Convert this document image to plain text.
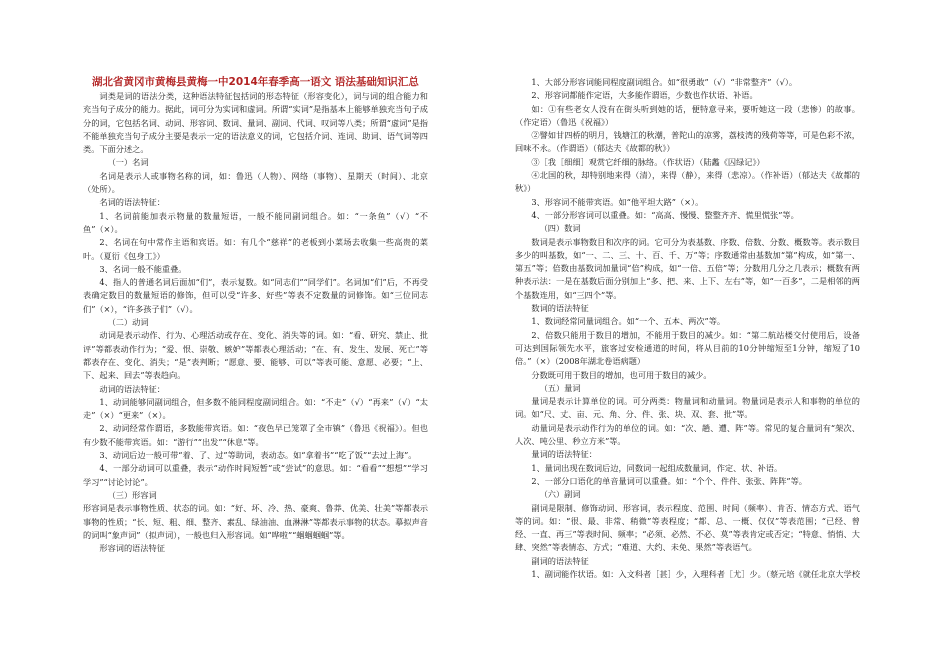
湖北省黄冈市黄梅县黄梅一中2014年春季高一语文 语法基础知识汇总

词类是词的语法分类，这种语法特征包括词的形态特征（形容变化），词与词的组合能力和充当句子成分的能力。据此，词可分为实词和虚词。所谓“实词”是指基本上能够单独充当句子成分的词，它包括名词、动词、形容词、数词、量词、副词、代词、叹词等八类；所谓“虚词”是指不能单独充当句子成分主要是表示一定的语法意义的词，它包括介词、连词、助词、语气词等四类。下面分述之。

（一）名词

名词是表示人或事物名称的词，如：鲁迅（人物）、网络（事物）、星期天（时间）、北京（处所）。

名词的语法特征：

1、名词前能加表示物量的数量短语，一般不能同副词组合。如：“一条鱼”（√）“不鱼”（×）。

2、名词在句中常作主语和宾语。如：有几个“慈祥”的老板到小菜场去收集一些高贵的菜叶。（夏衍《包身工》）

3、名词一般不能重叠。

4、指人的普通名词后面加“们”，表示复数。如“同志们”“同学们”。名词加“们”后，不再受表确定数目的数量短语的修饰，但可以受“许多、好些”等表不定数量的词修饰。如“三位同志们”（×），“许多孩子们”（√）。

（二）动词

动词是表示动作、行为、心理活动或存在、变化、消失等的词。如：“看、研究、禁止、批评”等都表动作行为；“爱、恨、崇敬、嫉妒”等都表心理活动；“在、有、发生、发展、死亡”等都表存在、变化、消失；“是”表判断；“愿意、要、能够、可以”等表可能、意愿、必要；“上、下、起来、回去”等表趋向。

动词的语法特征：

1、动词能够同副词组合，但多数不能同程度副词组合。如：“不走”（√）“再来”（√）“太走”（×）“更来”（×）。

2、动词经常作谓语，多数能带宾语。如：“夜色早已笼罩了全市镇”（鲁迅《祝福》）。但也有少数不能带宾语。如：“游行”“出发”“休息”等。

3、动词后边一般可带“着、了、过”等助词，表动态。如“拿着书”“吃了饭”“去过上海”。

4、一部分动词可以重叠，表示“动作时间短暂”或“尝试”的意思。如：“看看”“想想”“学习学习”“讨论讨论”。

（三）形容词

形容词是表示事物性质、状态的词。如：“好、坏、冷、热、豪爽、鲁莽、优美、壮美”等都表示事物的性质；“长、短、粗、细、整齐、素乱、绿油油、血淋淋”等都表示事物的状态。摹拟声音的词叫“象声词”（拟声词），一般也归入形容词。如“哗啦”“蝈蝈蝈蝈”等。

形容词的语法特征

1、大部分形容词能同程度副词组合。如“很勇敢”（√）“非常整齐”（√）。

2、形容词都能作定语，大多能作谓语，少数也作状语、补语。

如：①有些老女人没有在街头听到她的话，便特意寻来，要听她这一段（悲惨）的故事。（作定语）（鲁迅《祝福》）

②譬如甘四桥的明月，钱塘江的秋潮，普陀山的凉雾，荔枝湾的残荷等等，可是色彩不浓，回味不永。（作谓语）（郁达夫《故都的秋》）

③［我［细细］观赏它纤细的脉络。（作状语）（陆蠡《囚绿记》）

④北国的秋，却特别地来得（清），来得（静），来得（悲凉）。（作补语）（郁达夫《故都的秋》）

3、形容词不能带宾语。如“他平坦大路”（×）。

4、一部分形容词可以重叠。如：“高高、慢慢、整整齐齐、慌里慌张”等。

（四）数词

数词是表示事物数目和次序的词。它可分为表基数、序数、倍数、分数、概数等。表示数目多少的叫基数，如“一、二、三、十、百、千、万”等；序数通常由基数加“第”构成，如“第一、第五”等；倍数由基数词加量词“倍”构成，如“一倍、五倍”等；分数用几分之几表示；概数有两种表示法：一是在基数后面分别加上“多、把、来、上下、左右”等，如“一百多”，二是相邻的两个基数连用，如“三四个”等。

数词的语法特征

1、数词经常同量词组合。如“一个、五本、两次”等。

2、倍数只能用于数目的增加，不能用于数目的减少。如：“第二航站楼交付使用后，设备可达到国际领先水平，旅客过安检通道的时间，将从目前的10分钟缩短至1分钟，缩短了10倍。”（×）（2008年湖北卷语病题）

分数既可用于数目的增加，也可用于数目的减少。

（五）量词

量词是表示计算单位的词。可分两类：物量词和动量词。物量词是表示人和事物的单位的词。如“尺、丈、亩、元、角、分、件、张、块、双、套、批”等。

动量词是表示动作行为的单位的词。如：“次、趟、遭、阵”等。常见的复合量词有“架次、人次、吨公里、秒立方米”等。

量词的语法特征：

1、量词出现在数词后边，同数词一起组成数量词，作定、状、补语。

2、一部分口语化的单音量词可以重叠。如：“个个、件件、张张、阵阵”等。

（六）副词

副词是限制、修饰动词、形容词，表示程度、范围、时间（频率）、肯否、情态方式、语气等的词。如：“很、最、非常、稍微”等表程度；“都、总、一概、仅仅”等表范围；“已经、曾经、一直、再三”等表时间、频率；“必须、必然、不必、莫”等表肯定或否定；“特意、悄悄、大肆、突然”等表情态、方式；“难道、大约、未免、果然”等表语气。

副词的语法特征

1、副词能作状语。如：入文科者［甚］少，入理科者［尤］少。（蔡元培《就任北京大学校
